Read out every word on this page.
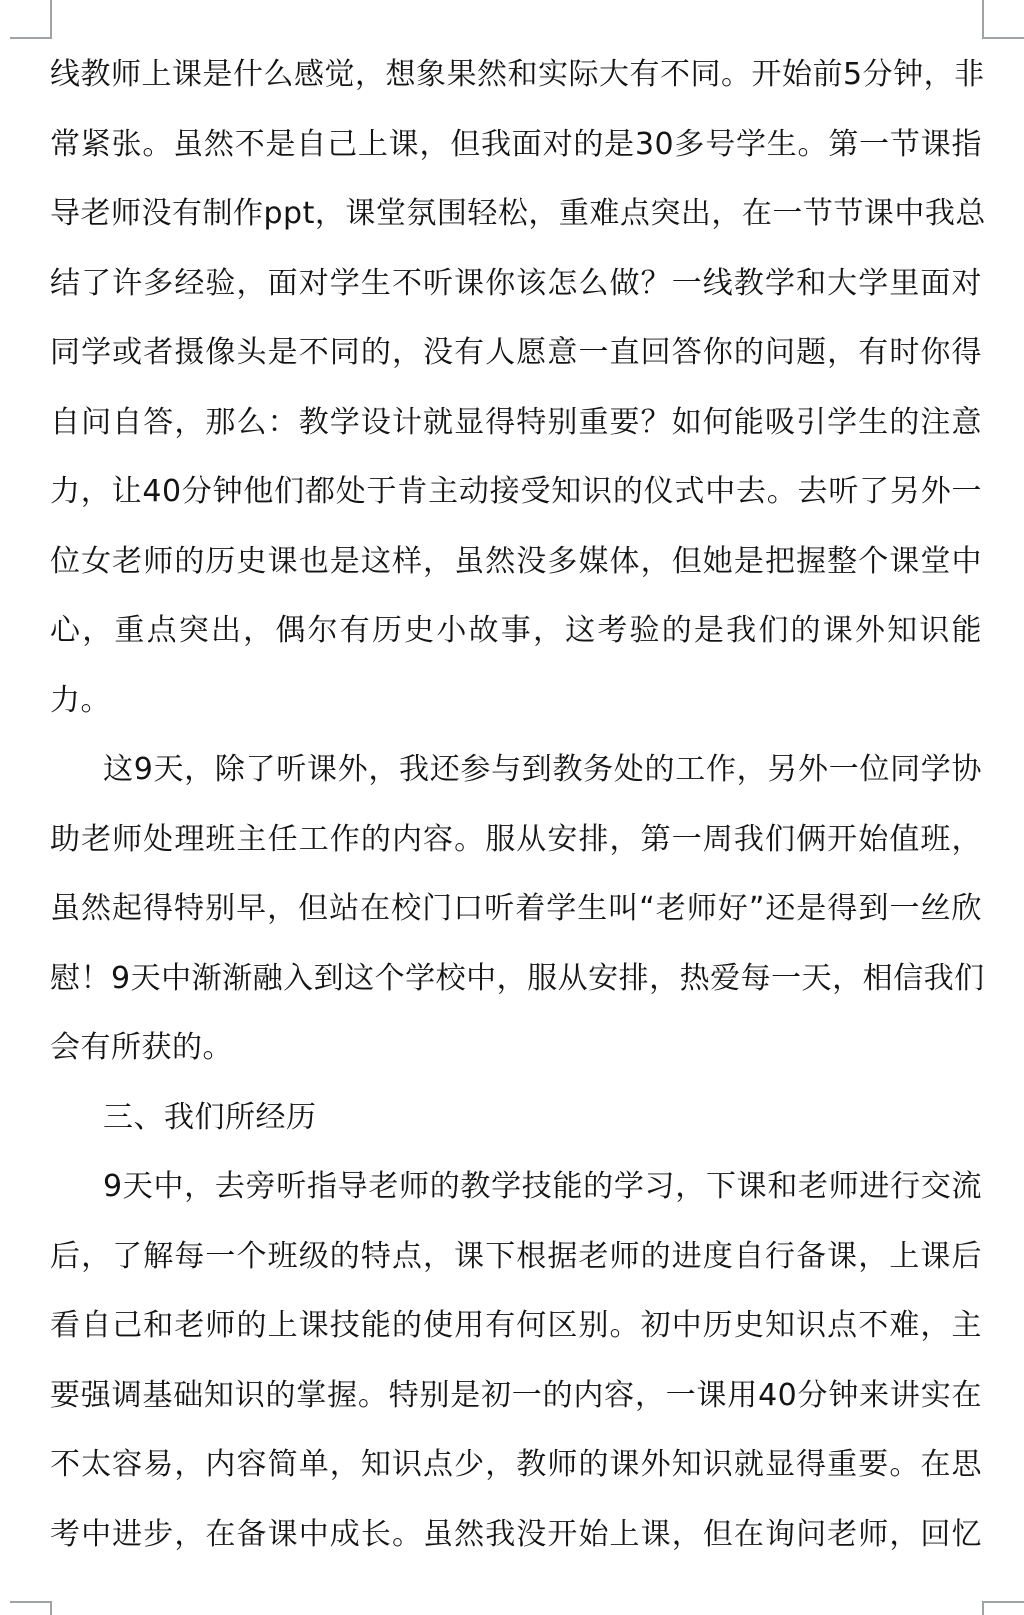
线教师上课是什么感觉，想象果然和实际大有不同。开始前5分钟，非
常紧张。虽然不是自己上课，但我面对的是30多号学生。第一节课指
导老师没有制作ppt，课堂氛围轻松，重难点突出，在一节节课中我总
结了许多经验，面对学生不听课你该怎么做？一线教学和大学里面对
同学或者摄像头是不同的，没有人愿意一直回答你的问题，有时你得
自问自答，那么：教学设计就显得特别重要？如何能吸引学生的注意
力，让40分钟他们都处于肯主动接受知识的仪式中去。去听了另外一
位女老师的历史课也是这样，虽然没多媒体，但她是把握整个课堂中
心，重点突出，偶尔有历史小故事，这考验的是我们的课外知识能
力。
这9天，除了听课外，我还参与到教务处的工作，另外一位同学协
助老师处理班主任工作的内容。服从安排，第一周我们俩开始值班，
虽然起得特别早，但站在校门口听着学生叫“老师好”还是得到一丝欣
慰！9天中渐渐融入到这个学校中，服从安排，热爱每一天，相信我们
会有所获的。
三、我们所经历
9天中，去旁听指导老师的教学技能的学习，下课和老师进行交流
后，了解每一个班级的特点，课下根据老师的进度自行备课，上课后
看自己和老师的上课技能的使用有何区别。初中历史知识点不难，主
要强调基础知识的掌握。特别是初一的内容，一课用40分钟来讲实在
不太容易，内容简单，知识点少，教师的课外知识就显得重要。在思
考中进步，在备课中成长。虽然我没开始上课，但在询问老师，回忆
